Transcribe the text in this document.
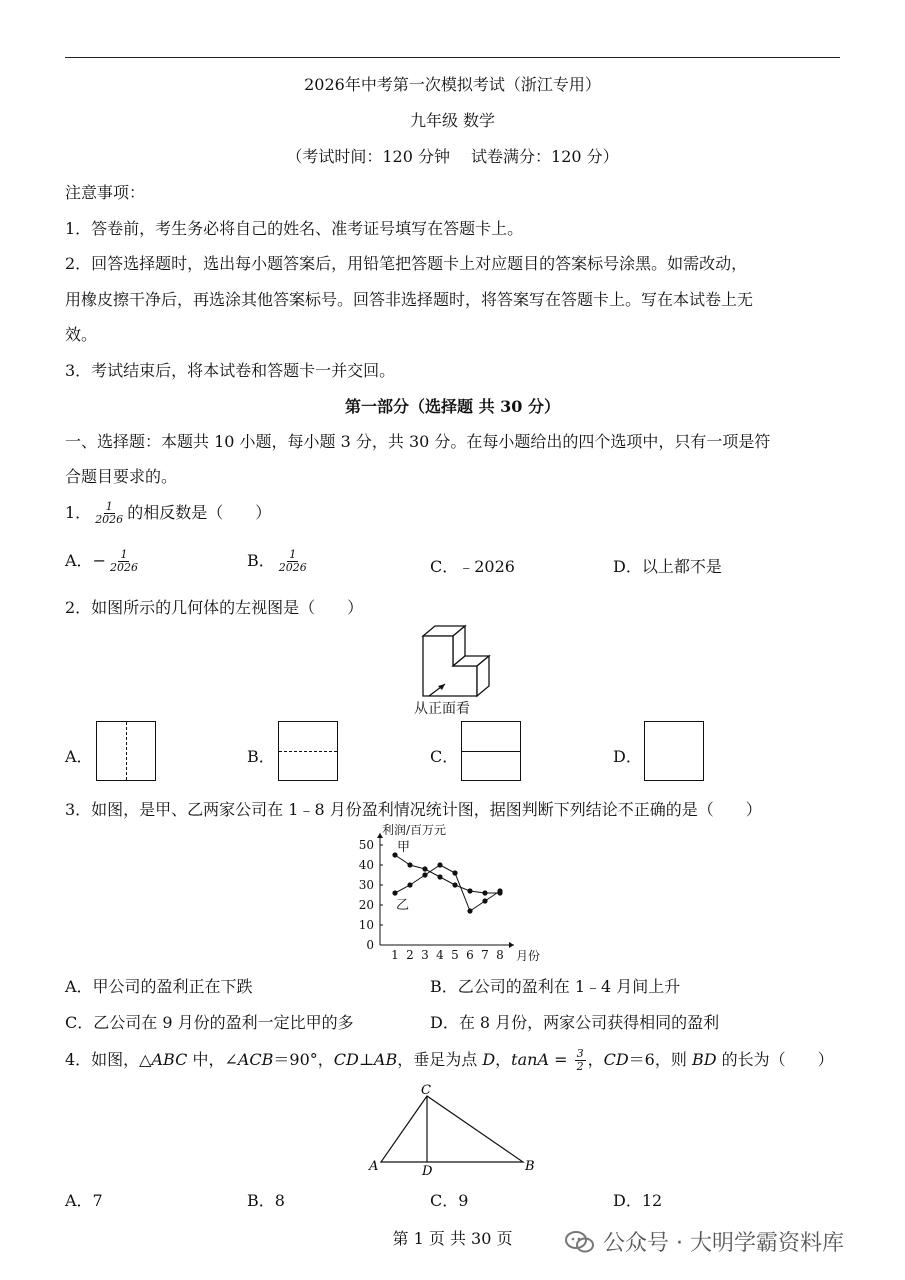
2026年中考第一次模拟考试（浙江专用）
九年级 数学
（考试时间：120 分钟　 试卷满分：120 分）
注意事项：
1．答卷前，考生务必将自己的姓名、准考证号填写在答题卡上。
2．回答选择题时，选出每小题答案后，用铅笔把答题卡上对应题目的答案标号涂黑。如需改动，
用橡皮擦干净后，再选涂其他答案标号。回答非选择题时，将答案写在答题卡上。写在本试卷上无
效。
3．考试结束后，将本试卷和答题卡一并交回。
第一部分（选择题 共 30 分）
一、选择题：本题共 10 小题，每小题 3 分，共 30 分。在每小题给出的四个选项中，只有一项是符
合题目要求的。
1． $\frac{1}{2026}$ 的相反数是（　　）
A．− $\frac{1}{2026}$	B． $\frac{1}{2026}$	C．﹣2026	D．以上都不是
2．如图所示的几何体的左视图是（　　）
从正面看
A．	B．	C．	D．
3．如图，是甲、乙两家公司在 1﹣8 月份盈利情况统计图，据图判断下列结论不正确的是（　　）
0
10
20
30
40
50
1 2 3 4 5 6 7 8
利润/百万元
月份
甲
乙
A．甲公司的盈利正在下跌	B．乙公司的盈利在 1﹣4 月间上升
C．乙公司在 9 月份的盈利一定比甲的多	D．在 8 月份，两家公司获得相同的盈利
4．如图，△ABC 中，∠ACB＝90°，CD⊥AB，垂足为点 D，$\tan A = \frac{3}{2}$ ，CD＝6，则 BD 的长为（　　）
C
A	D	B
A．7	B．8	C．9	D．12
第 1 页 共 30 页	公众号 · 大明学霸资料库
